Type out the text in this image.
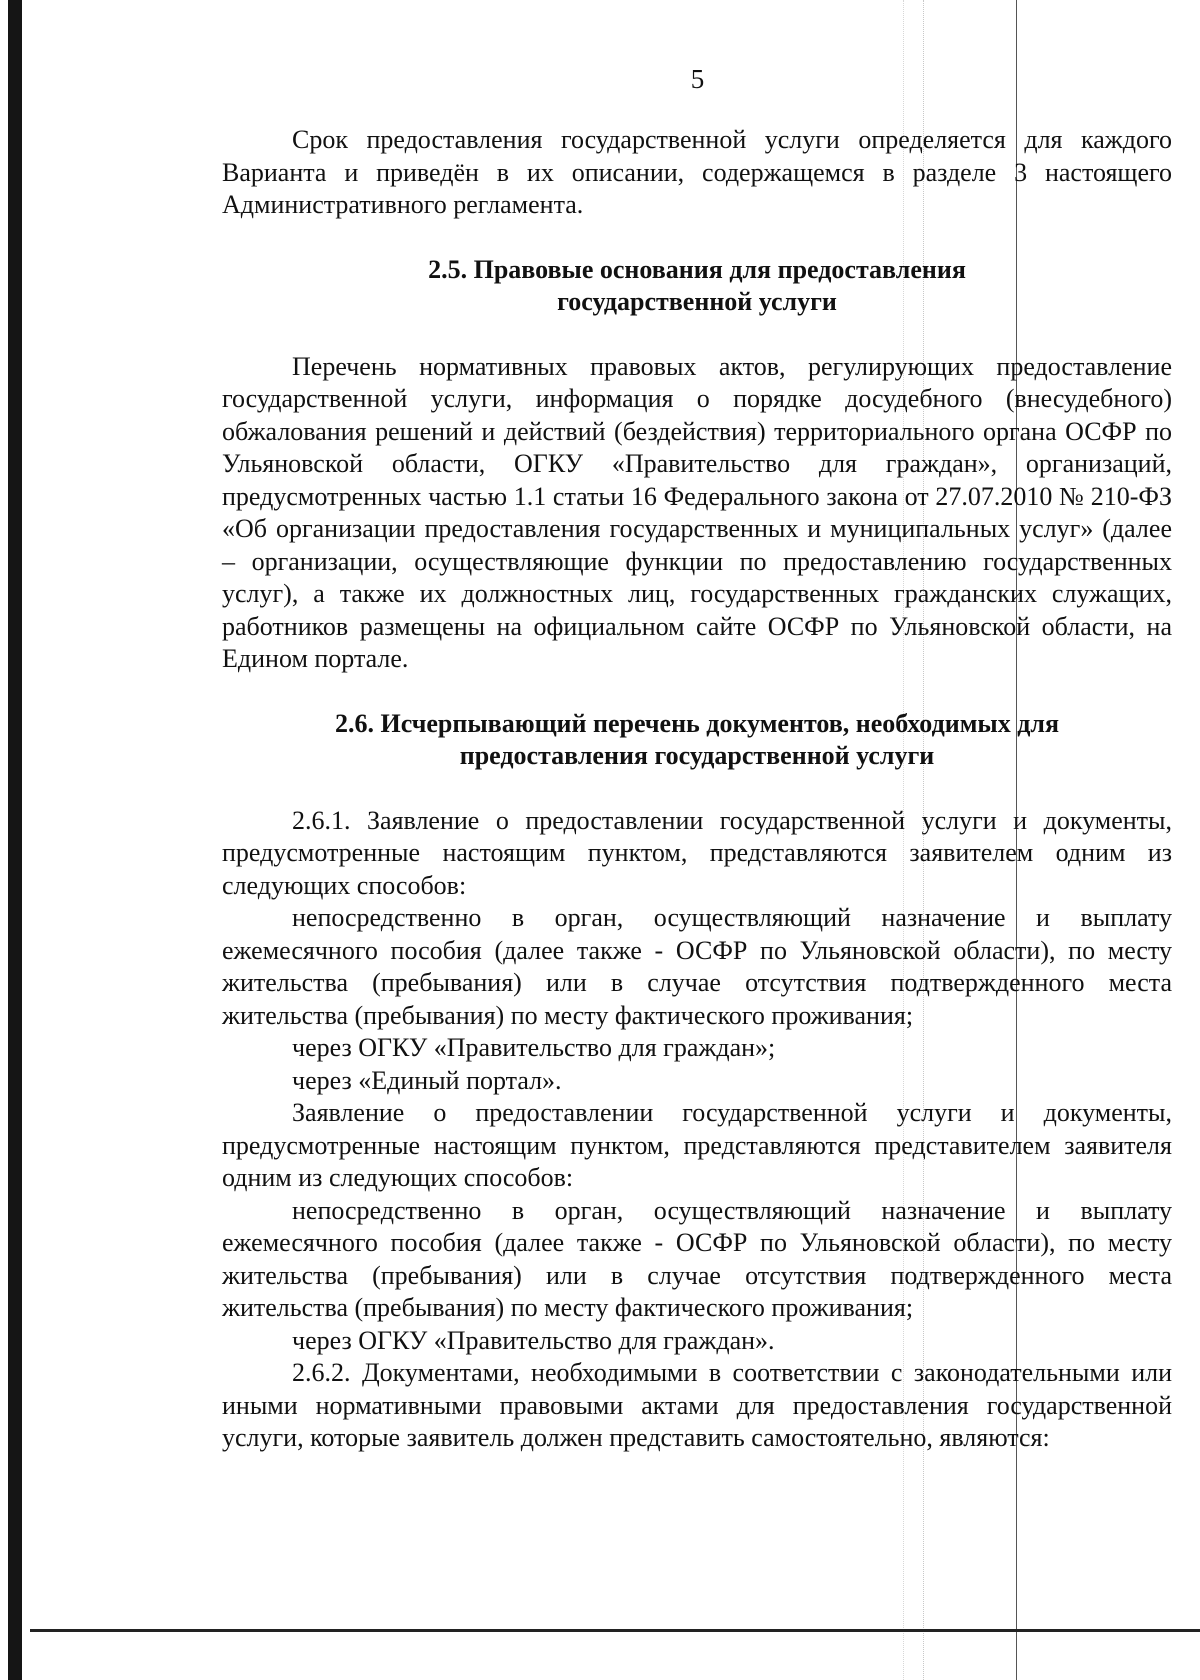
5

Срок предоставления государственной услуги определяется для каждого Варианта и приведён в их описании, содержащемся в разделе 3 настоящего Административного регламента.

2.5. Правовые основания для предоставления
государственной услуги

Перечень нормативных правовых актов, регулирующих предоставление государственной услуги, информация о порядке досудебного (внесудебного) обжалования решений и действий (бездействия) территориального органа ОСФР по Ульяновской области, ОГКУ «Правительство для граждан», организаций, предусмотренных частью 1.1 статьи 16 Федерального закона от 27.07.2010 № 210-ФЗ «Об организации предоставления государственных и муниципальных услуг» (далее – организации, осуществляющие функции по предоставлению государственных услуг), а также их должностных лиц, государственных гражданских служащих, работников размещены на официальном сайте ОСФР по Ульяновской области, на Едином портале.

2.6. Исчерпывающий перечень документов, необходимых для
предоставления государственной услуги

2.6.1. Заявление о предоставлении государственной услуги и документы, предусмотренные настоящим пунктом, представляются заявителем одним из следующих способов:

непосредственно в орган, осуществляющий назначение и выплату ежемесячного пособия (далее также - ОСФР по Ульяновской области), по месту жительства (пребывания) или в случае отсутствия подтвержденного места жительства (пребывания) по месту фактического проживания;

через ОГКУ «Правительство для граждан»;

через «Единый портал».

Заявление о предоставлении государственной услуги и документы, предусмотренные настоящим пунктом, представляются представителем заявителя одним из следующих способов:

непосредственно в орган, осуществляющий назначение и выплату ежемесячного пособия (далее также - ОСФР по Ульяновской области), по месту жительства (пребывания) или в случае отсутствия подтвержденного места жительства (пребывания) по месту фактического проживания;

через ОГКУ «Правительство для граждан».

2.6.2. Документами, необходимыми в соответствии с законодательными или иными нормативными правовыми актами для предоставления государственной услуги, которые заявитель должен представить самостоятельно, являются:
